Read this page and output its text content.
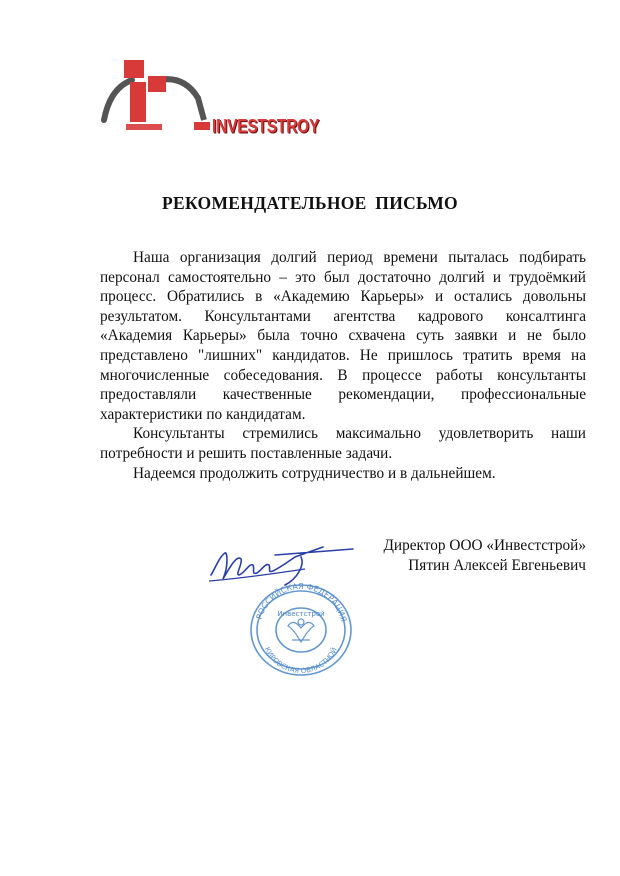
INVESTSTROY
РЕКОМЕНДАТЕЛЬНОЕ ПИСЬМО

Наша организация долгий период времени пыталась подбирать персонал самостоятельно – это был достаточно долгий и трудоёмкий процесс. Обратились в «Академию Карьеры» и остались довольны результатом. Консультантами агентства кадрового консалтинга «Академия Карьеры» была точно схвачена суть заявки и не было представлено "лишних" кандидатов. Не пришлось тратить время на многочисленные собеседования. В процессе работы консультанты предоставляли качественные рекомендации, профессиональные характеристики по кандидатам.

Консультанты стремились максимально удовлетворить наши потребности и решить поставленные задачи.

Надеемся продолжить сотрудничество и в дальнейшем.

РОССИЙСКАЯ ФЕДЕРАЦИЯ
КИРОВСКАЯ ОБЛАСТНОЙ
Инвестстрой
Директор ООО «Инвестстрой»
Пятин Алексей Евгеньевич
